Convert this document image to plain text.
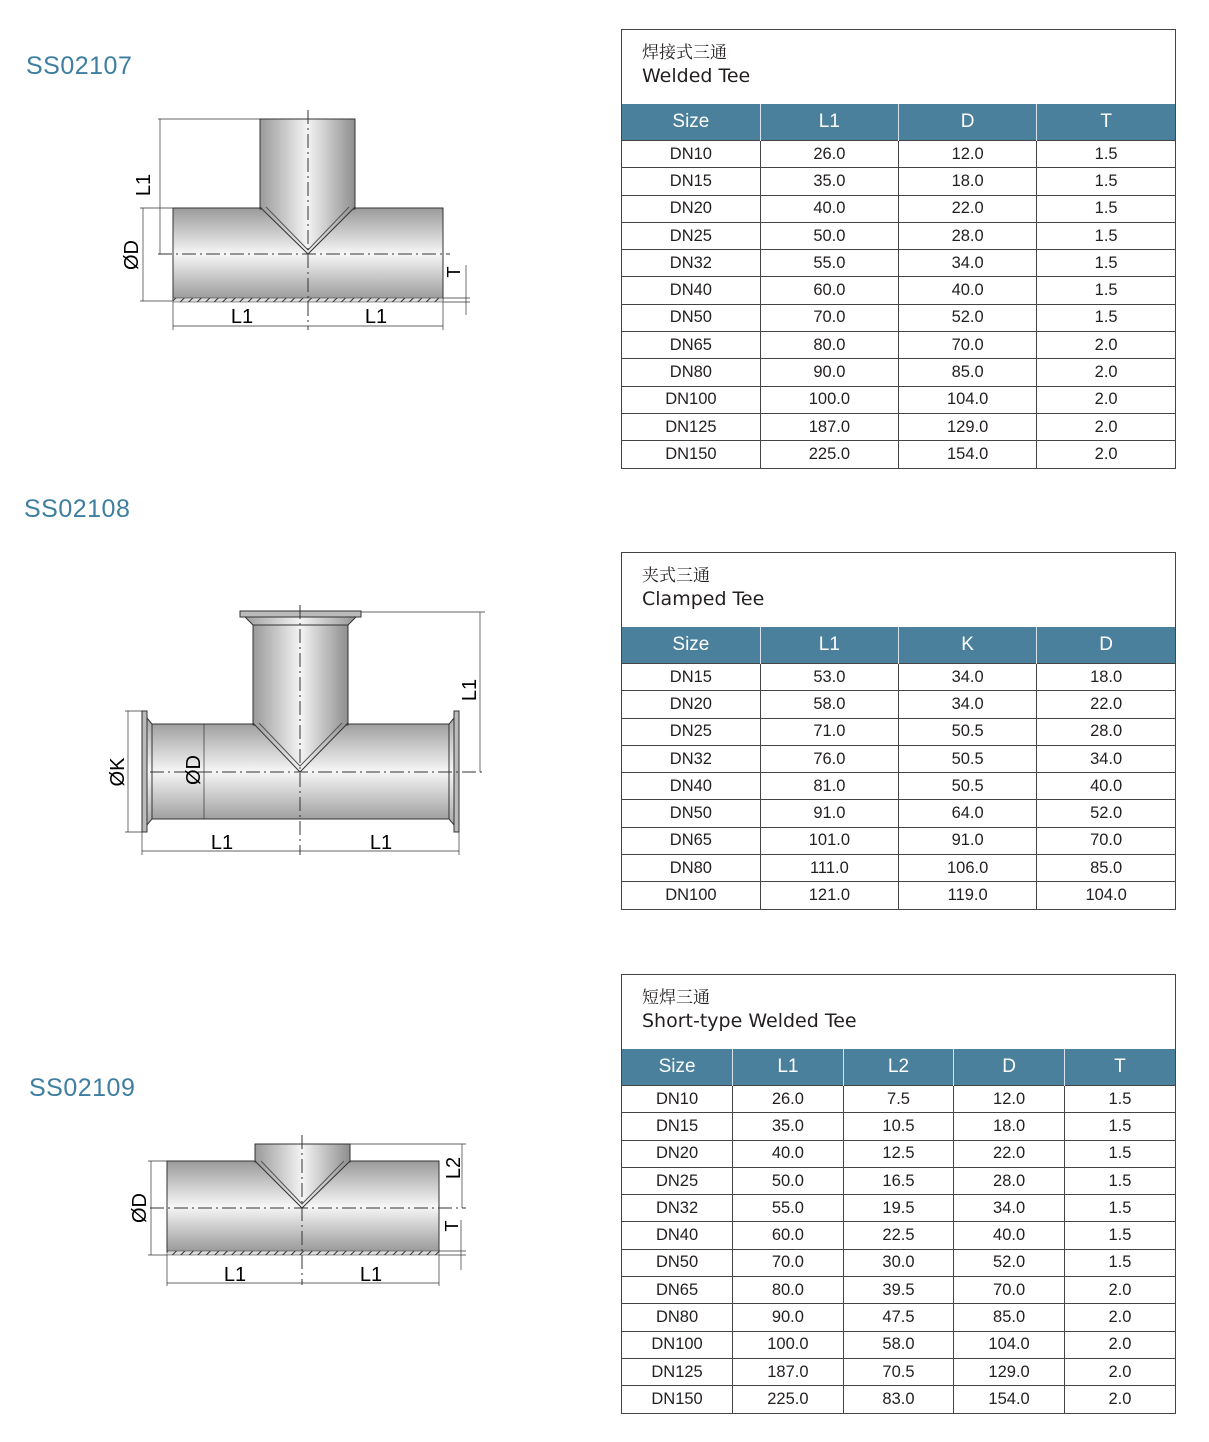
SS02107
L1
ØD
T
L1	L1
焊接式三通
Welded Tee
Size	L1	D	T
DN10	26.0	12.0	1.5
DN15	35.0	18.0	1.5
DN20	40.0	22.0	1.5
DN25	50.0	28.0	1.5
DN32	55.0	34.0	1.5
DN40	60.0	40.0	1.5
DN50	70.0	52.0	1.5
DN65	80.0	70.0	2.0
DN80	90.0	85.0	2.0
DN100	100.0	104.0	2.0
DN125	187.0	129.0	2.0
DN150	225.0	154.0	2.0
SS02108
ØK	ØD
L1
L1	L1
夹式三通
Clamped Tee
Size	L1	K	D
DN15	53.0	34.0	18.0
DN20	58.0	34.0	22.0
DN25	71.0	50.5	28.0
DN32	76.0	50.5	34.0
DN40	81.0	50.5	40.0
DN50	91.0	64.0	52.0
DN65	101.0	91.0	70.0
DN80	111.0	106.0	85.0
DN100	121.0	119.0	104.0
SS02109
ØD
L2
T
L1	L1
短焊三通
Short-type Welded Tee
Size	L1	L2	D	T
DN10	26.0	7.5	12.0	1.5
DN15	35.0	10.5	18.0	1.5
DN20	40.0	12.5	22.0	1.5
DN25	50.0	16.5	28.0	1.5
DN32	55.0	19.5	34.0	1.5
DN40	60.0	22.5	40.0	1.5
DN50	70.0	30.0	52.0	1.5
DN65	80.0	39.5	70.0	2.0
DN80	90.0	47.5	85.0	2.0
DN100	100.0	58.0	104.0	2.0
DN125	187.0	70.5	129.0	2.0
DN150	225.0	83.0	154.0	2.0
